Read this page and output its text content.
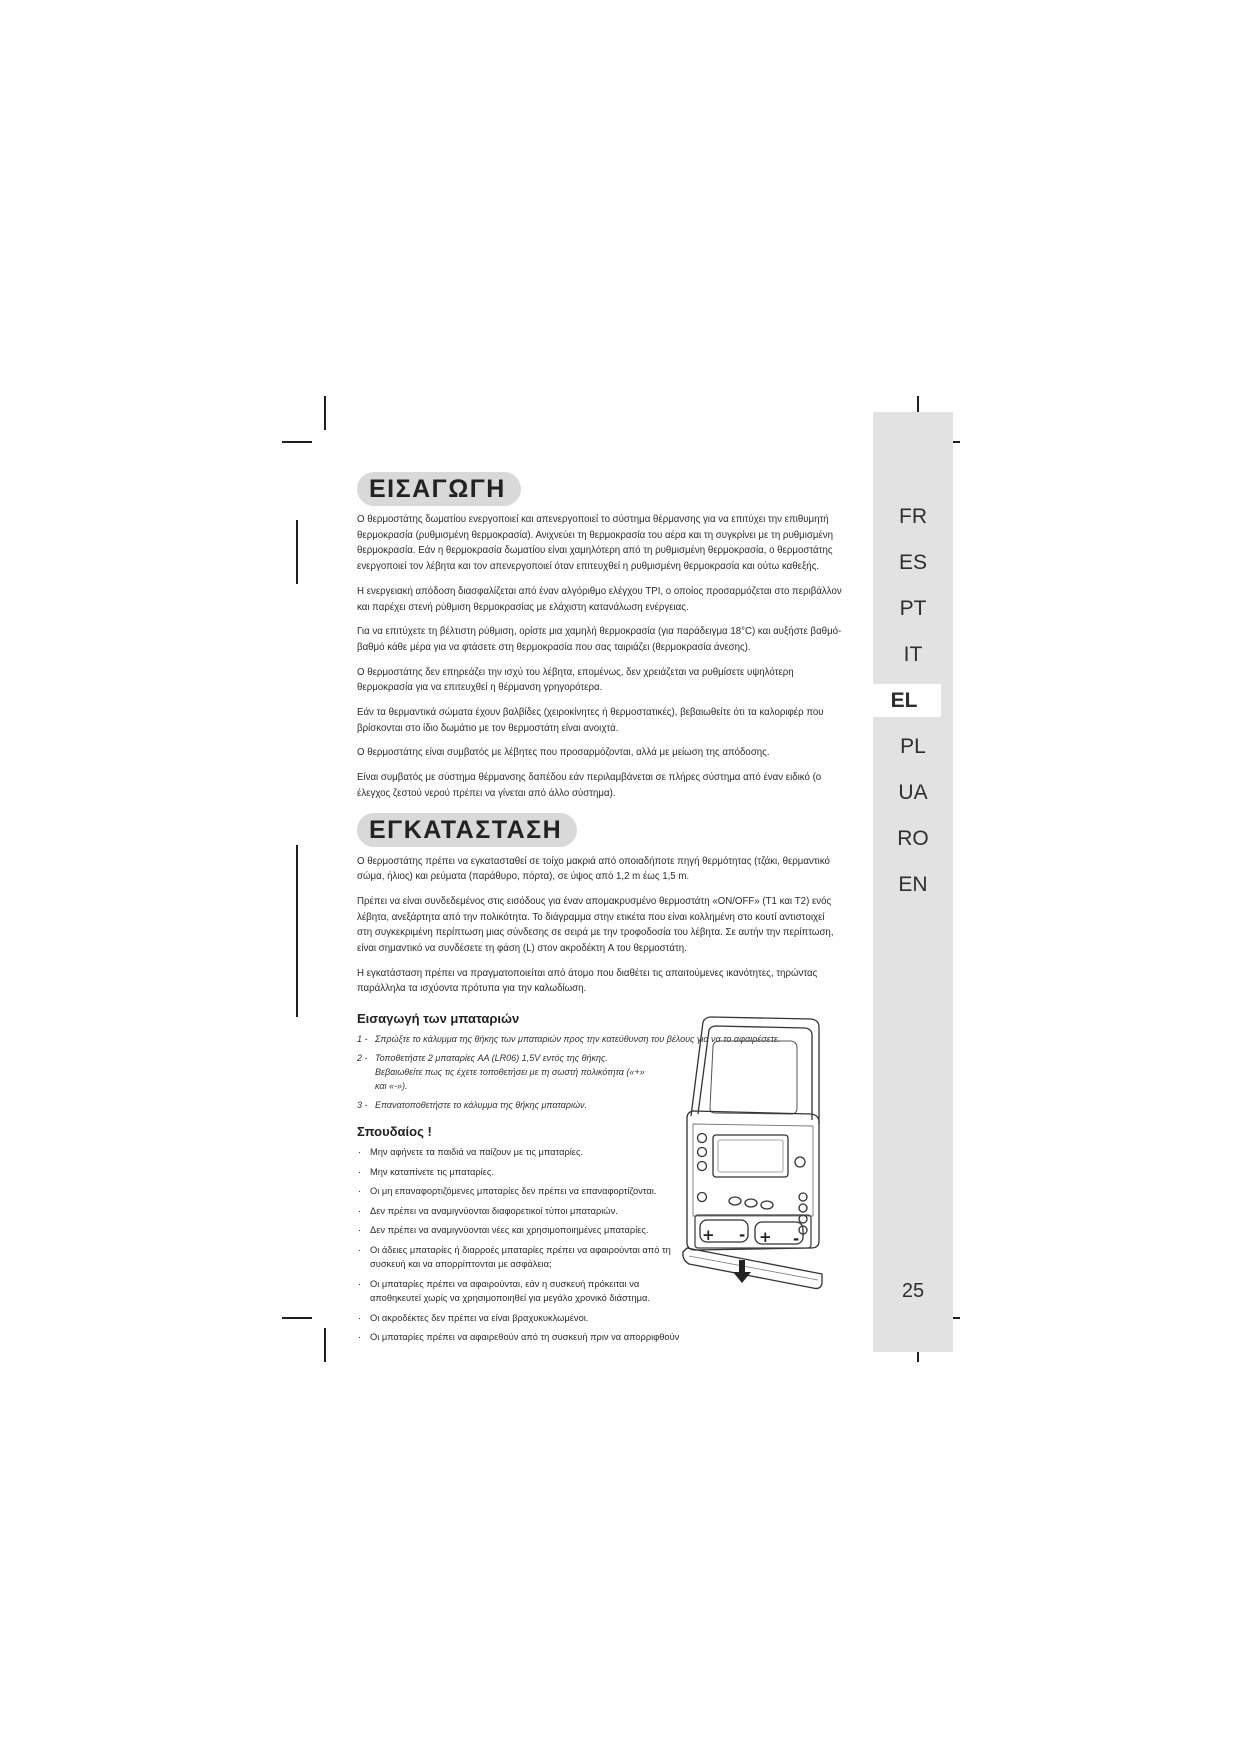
FR
ES
PT
IT
EL
PL
UA
RO
EN
25
ΕΙΣΑΓΩΓΗ

Ο θερμοστάτης δωματίου ενεργοποιεί και απενεργοποιεί το σύστημα θέρμανσης για να επιτύχει την επιθυμητή θερμοκρασία (ρυθμισμένη θερμοκρασία). Ανιχνεύει τη θερμοκρασία του αέρα και τη συγκρίνει με τη ρυθμισμένη θερμοκρασία. Εάν η θερμοκρασία δωματίου είναι χαμηλότερη από τη ρυθμισμένη θερμοκρασία, ο θερμοστάτης ενεργοποιεί τον λέβητα και τον απενεργοποιεί όταν επιτευχθεί η ρυθμισμένη θερμοκρασία και ούτω καθεξής.

Η ενεργειακή απόδοση διασφαλίζεται από έναν αλγόριθμο ελέγχου TPI, ο οποίος προσαρμόζεται στο περιβάλλον και παρέχει στενή ρύθμιση θερμοκρασίας με ελάχιστη κατανάλωση ενέργειας.

Για να επιτύχετε τη βέλτιστη ρύθμιση, ορίστε μια χαμηλή θερμοκρασία (για παράδειγμα 18°C) και αυξήστε βαθμό-βαθμό κάθε μέρα για να φτάσετε στη θερμοκρασία που σας ταιριάζει (θερμοκρασία άνεσης).

Ο θερμοστάτης δεν επηρεάζει την ισχύ του λέβητα, επομένως, δεν χρειάζεται να ρυθμίσετε υψηλότερη θερμοκρασία για να επιτευχθεί η θέρμανση γρηγορότερα.

Εάν τα θερμαντικά σώματα έχουν βαλβίδες (χειροκίνητες ή θερμοστατικές), βεβαιωθείτε ότι τα καλοριφέρ που βρίσκονται στο ίδιο δωμάτιο με τον θερμοστάτη είναι ανοιχτά.

Ο θερμοστάτης είναι συμβατός με λέβητες που προσαρμόζονται, αλλά με μείωση της απόδοσης.

Είναι συμβατός με σύστημα θέρμανσης δαπέδου εάν περιλαμβάνεται σε πλήρες σύστημα από έναν ειδικό (ο έλεγχος ζεστού νερού πρέπει να γίνεται από άλλο σύστημα).

ΕΓΚΑΤΑΣΤΑΣΗ

Ο θερμοστάτης πρέπει να εγκατασταθεί σε τοίχο μακριά από οποιαδήποτε πηγή θερμότητας (τζάκι, θερμαντικό σώμα, ήλιος) και ρεύματα (παράθυρο, πόρτα), σε ύψος από 1,2 m έως 1,5 m.

Πρέπει να είναι συνδεδεμένος στις εισόδους για έναν απομακρυσμένο θερμοστάτη «ON/OFF» (T1 και T2) ενός λέβητα, ανεξάρτητα από την πολικότητα. Το διάγραμμα στην ετικέτα που είναι κολλημένη στο κουτί αντιστοιχεί στη συγκεκριμένη περίπτωση μιας σύνδεσης σε σειρά με την τροφοδοσία του λέβητα. Σε αυτήν την περίπτωση, είναι σημαντικό να συνδέσετε τη φάση (L) στον ακροδέκτη A του θερμοστάτη.

Η εγκατάσταση πρέπει να πραγματοποιείται από άτομο που διαθέτει τις απαιτούμενες ικανότητες, τηρώντας παράλληλα τα ισχύοντα πρότυπα για την καλωδίωση.

Εισαγωγή των μπαταριών
1 - Σπρώξτε το κάλυμμα της θήκης των μπαταριών προς την κατεύθυνση του βέλους για να το αφαιρέσετε.
2 - Τοποθετήστε 2 μπαταρίες AA (LR06) 1,5V εντός της θήκης. Βεβαιωθείτε πως τις έχετε τοποθετήσει με τη σωστή πολικότητα («+» και «-»).
3 - Επανατοποθετήστε το κάλυμμα της θήκης μπαταριών.
Σπουδαίος !
· Μην αφήνετε τα παιδιά να παίζουν με τις μπαταρίες.
· Μην καταπίνετε τις μπαταρίες.
· Οι μη επαναφορτιζόμενες μπαταρίες δεν πρέπει να επαναφορτίζονται.
· Δεν πρέπει να αναμιγνύονται διαφορετικοί τύποι μπαταριών.
· Δεν πρέπει να αναμιγνύονται νέες και χρησιμοποιημένες μπαταρίες.
· Οι άδειες μπαταρίες ή διαρροές μπαταρίες πρέπει να αφαιρούνται από τη συσκευή και να απορρίπτονται με ασφάλεια;
· Οι μπαταρίες πρέπει να αφαιρούνται, εάν η συσκευή πρόκειται να αποθηκευτεί χωρίς να χρησιμοποιηθεί για μεγάλο χρονικό διάστημα.
· Οι ακροδέκτες δεν πρέπει να είναι βραχυκυκλωμένοι.
· Οι μπαταρίες πρέπει να αφαιρεθούν από τη συσκευή πριν να απορριφθούν
+ - + -
